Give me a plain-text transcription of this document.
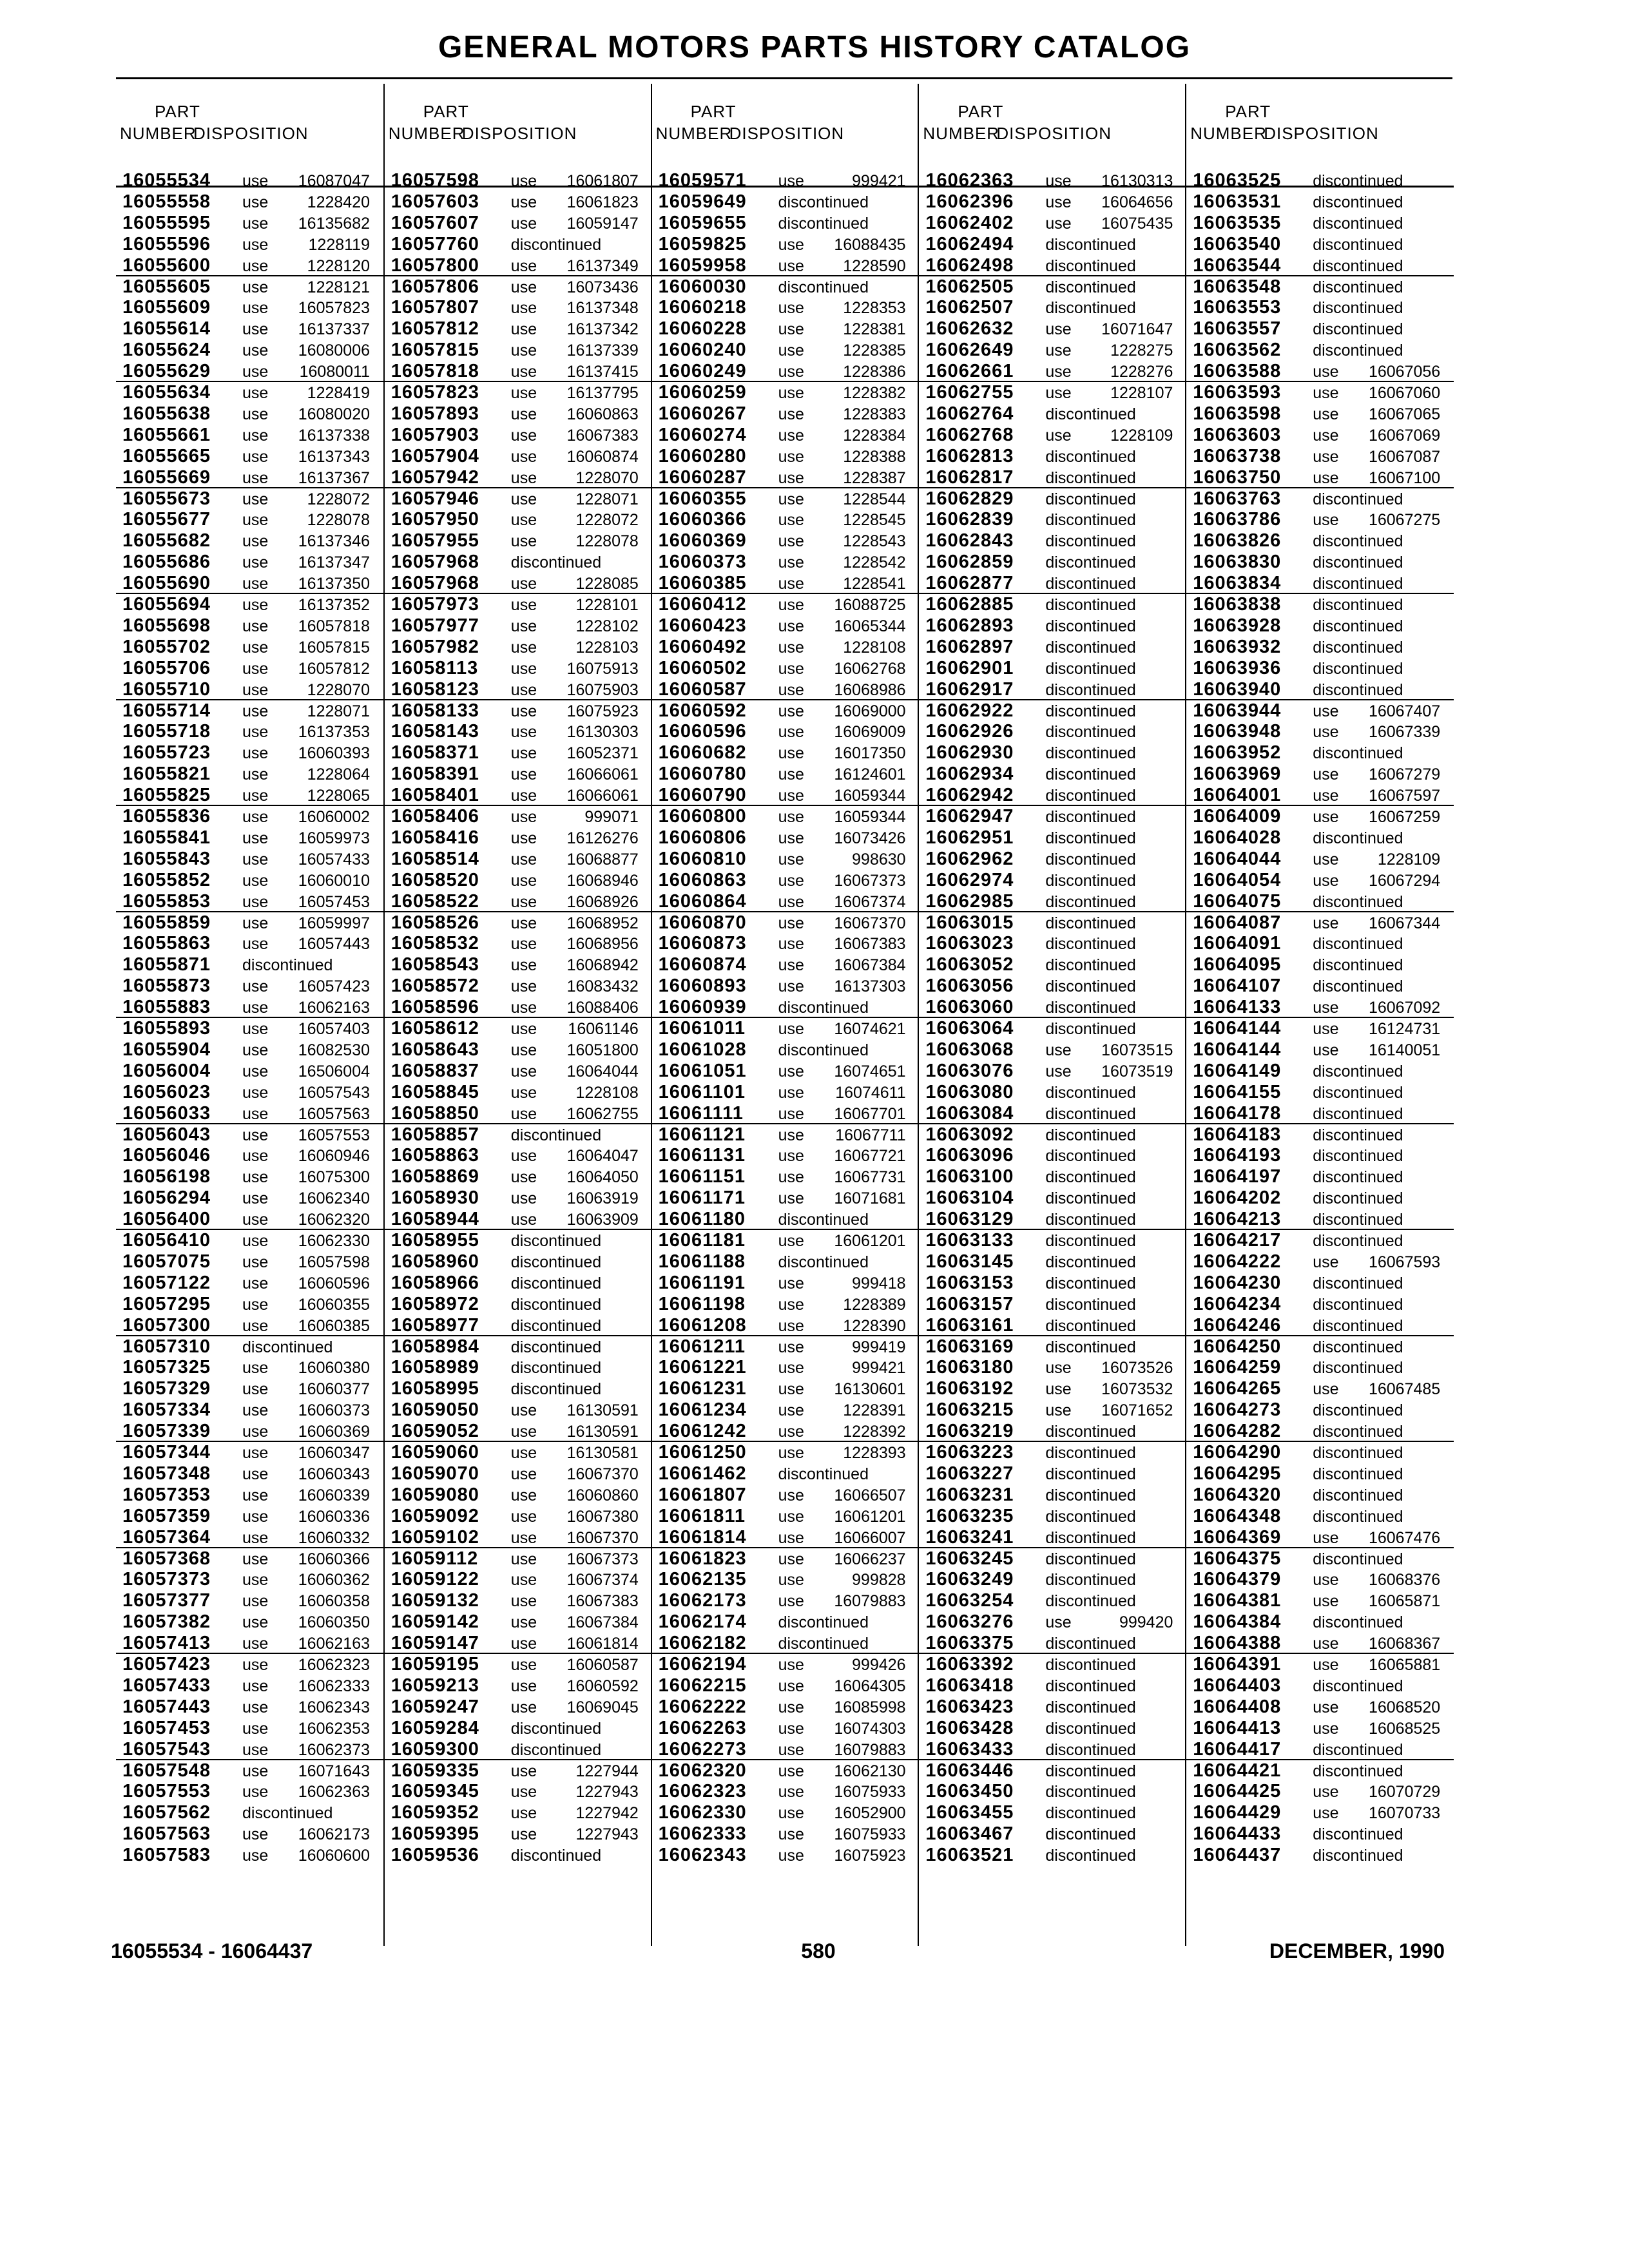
GENERAL MOTORS PARTS HISTORY CATALOG
PART
NUMBER
DISPOSITION
16055534 use 16087047
16055558 use 1228420
16055595 use 16135682
16055596 use 1228119
16055600 use 1228120
16055605 use 1228121
16055609 use 16057823
16055614 use 16137337
16055624 use 16080006
16055629 use 16080011
16055634 use 1228419
16055638 use 16080020
16055661 use 16137338
16055665 use 16137343
16055669 use 16137367
16055673 use 1228072
16055677 use 1228078
16055682 use 16137346
16055686 use 16137347
16055690 use 16137350
16055694 use 16137352
16055698 use 16057818
16055702 use 16057815
16055706 use 16057812
16055710 use 1228070
16055714 use 1228071
16055718 use 16137353
16055723 use 16060393
16055821 use 1228064
16055825 use 1228065
16055836 use 16060002
16055841 use 16059973
16055843 use 16057433
16055852 use 16060010
16055853 use 16057453
16055859 use 16059997
16055863 use 16057443
16055871 discontinued
16055873 use 16057423
16055883 use 16062163
16055893 use 16057403
16055904 use 16082530
16056004 use 16506004
16056023 use 16057543
16056033 use 16057563
16056043 use 16057553
16056046 use 16060946
16056198 use 16075300
16056294 use 16062340
16056400 use 16062320
16056410 use 16062330
16057075 use 16057598
16057122 use 16060596
16057295 use 16060355
16057300 use 16060385
16057310 discontinued
16057325 use 16060380
16057329 use 16060377
16057334 use 16060373
16057339 use 16060369
16057344 use 16060347
16057348 use 16060343
16057353 use 16060339
16057359 use 16060336
16057364 use 16060332
16057368 use 16060366
16057373 use 16060362
16057377 use 16060358
16057382 use 16060350
16057413 use 16062163
16057423 use 16062323
16057433 use 16062333
16057443 use 16062343
16057453 use 16062353
16057543 use 16062373
16057548 use 16071643
16057553 use 16062363
16057562 discontinued
16057563 use 16062173
16057583 use 16060600
PART
NUMBER
DISPOSITION
16057598 use 16061807
16057603 use 16061823
16057607 use 16059147
16057760 discontinued
16057800 use 16137349
16057806 use 16073436
16057807 use 16137348
16057812 use 16137342
16057815 use 16137339
16057818 use 16137415
16057823 use 16137795
16057893 use 16060863
16057903 use 16067383
16057904 use 16060874
16057942 use 1228070
16057946 use 1228071
16057950 use 1228072
16057955 use 1228078
16057968 discontinued
16057968 use 1228085
16057973 use 1228101
16057977 use 1228102
16057982 use 1228103
16058113 use 16075913
16058123 use 16075903
16058133 use 16075923
16058143 use 16130303
16058371 use 16052371
16058391 use 16066061
16058401 use 16066061
16058406 use	999071
16058416 use 16126276
16058514 use 16068877
16058520 use 16068946
16058522 use 16068926
16058526 use 16068952
16058532 use 16068956
16058543 use 16068942
16058572 use 16083432
16058596 use 16088406
16058612 use 16061146
16058643 use 16051800
16058837 use 16064044
16058845 use 1228108
16058850 use 16062755
16058857 discontinued
16058863 use 16064047
16058869 use 16064050
16058930 use 16063919
16058944 use 16063909
16058955 discontinued
16058960 discontinued
16058966 discontinued
16058972 discontinued
16058977 discontinued
16058984 discontinued
16058989 discontinued
16058995 discontinued
16059050 use 16130591
16059052 use 16130591
16059060 use 16130581
16059070 use 16067370
16059080 use 16060860
16059092 use 16067380
16059102 use 16067370
16059112 use 16067373
16059122 use 16067374
16059132 use 16067383
16059142 use 16067384
16059147 use 16061814
16059195 use 16060587
16059213 use 16060592
16059247 use 16069045
16059284 discontinued
16059300 discontinued
16059335 use 1227944
16059345 use 1227943
16059352 use 1227942
16059395 use 1227943
16059536 discontinued
PART
NUMBER
DISPOSITION
16059571 use	999421
16059649 discontinued
16059655 discontinued
16059825 use 16088435
16059958 use 1228590
16060030 discontinued
16060218 use 1228353
16060228 use 1228381
16060240 use 1228385
16060249 use 1228386
16060259 use 1228382
16060267 use 1228383
16060274 use 1228384
16060280 use 1228388
16060287 use 1228387
16060355 use 1228544
16060366 use 1228545
16060369 use 1228543
16060373 use 1228542
16060385 use 1228541
16060412 use 16088725
16060423 use 16065344
16060492 use 1228108
16060502 use 16062768
16060587 use 16068986
16060592 use 16069000
16060596 use 16069009
16060682 use 16017350
16060780 use 16124601
16060790 use 16059344
16060800 use 16059344
16060806 use 16073426
16060810 use	998630
16060863 use 16067373
16060864 use 16067374
16060870 use 16067370
16060873 use 16067383
16060874 use 16067384
16060893 use 16137303
16060939 discontinued
16061011 use 16074621
16061028 discontinued
16061051 use 16074651
16061101 use 16074611
16061111 use 16067701
16061121 use 16067711
16061131 use 16067721
16061151 use 16067731
16061171 use 16071681
16061180 discontinued
16061181 use 16061201
16061188 discontinued
16061191 use	999418
16061198 use 1228389
16061208 use 1228390
16061211 use	999419
16061221 use	999421
16061231 use 16130601
16061234 use 1228391
16061242 use 1228392
16061250 use 1228393
16061462 discontinued
16061807 use 16066507
16061811 use 16061201
16061814 use 16066007
16061823 use 16066237
16062135 use	999828
16062173 use 16079883
16062174 discontinued
16062182 discontinued
16062194 use	999426
16062215 use 16064305
16062222 use 16085998
16062263 use 16074303
16062273 use 16079883
16062320 use 16062130
16062323 use 16075933
16062330 use 16052900
16062333 use 16075933
16062343 use 16075923
PART
NUMBER
DISPOSITION
16062363 use 16130313
16062396 use 16064656
16062402 use 16075435
16062494 discontinued
16062498 discontinued
16062505 discontinued
16062507 discontinued
16062632 use 16071647
16062649 use 1228275
16062661 use 1228276
16062755 use 1228107
16062764 discontinued
16062768 use 1228109
16062813 discontinued
16062817 discontinued
16062829 discontinued
16062839 discontinued
16062843 discontinued
16062859 discontinued
16062877 discontinued
16062885 discontinued
16062893 discontinued
16062897 discontinued
16062901 discontinued
16062917 discontinued
16062922 discontinued
16062926 discontinued
16062930 discontinued
16062934 discontinued
16062942 discontinued
16062947 discontinued
16062951 discontinued
16062962 discontinued
16062974 discontinued
16062985 discontinued
16063015 discontinued
16063023 discontinued
16063052 discontinued
16063056 discontinued
16063060 discontinued
16063064 discontinued
16063068 use 16073515
16063076 use 16073519
16063080 discontinued
16063084 discontinued
16063092 discontinued
16063096 discontinued
16063100 discontinued
16063104 discontinued
16063129 discontinued
16063133 discontinued
16063145 discontinued
16063153 discontinued
16063157 discontinued
16063161 discontinued
16063169 discontinued
16063180 use 16073526
16063192 use 16073532
16063215 use 16071652
16063219 discontinued
16063223 discontinued
16063227 discontinued
16063231 discontinued
16063235 discontinued
16063241 discontinued
16063245 discontinued
16063249 discontinued
16063254 discontinued
16063276 use	999420
16063375 discontinued
16063392 discontinued
16063418 discontinued
16063423 discontinued
16063428 discontinued
16063433 discontinued
16063446 discontinued
16063450 discontinued
16063455 discontinued
16063467 discontinued
16063521 discontinued
PART
NUMBER
DISPOSITION
16063525 discontinued
16063531 discontinued
16063535 discontinued
16063540 discontinued
16063544 discontinued
16063548 discontinued
16063553 discontinued
16063557 discontinued
16063562 discontinued
16063588 use 16067056
16063593 use 16067060
16063598 use 16067065
16063603 use 16067069
16063738 use 16067087
16063750 use 16067100
16063763 discontinued
16063786 use 16067275
16063826 discontinued
16063830 discontinued
16063834 discontinued
16063838 discontinued
16063928 discontinued
16063932 discontinued
16063936 discontinued
16063940 discontinued
16063944 use 16067407
16063948 use 16067339
16063952 discontinued
16063969 use 16067279
16064001 use 16067597
16064009 use 16067259
16064028 discontinued
16064044 use 1228109
16064054 use 16067294
16064075 discontinued
16064087 use 16067344
16064091 discontinued
16064095 discontinued
16064107 discontinued
16064133 use 16067092
16064144 use 16124731
16064144 use 16140051
16064149 discontinued
16064155 discontinued
16064178 discontinued
16064183 discontinued
16064193 discontinued
16064197 discontinued
16064202 discontinued
16064213 discontinued
16064217 discontinued
16064222 use 16067593
16064230 discontinued
16064234 discontinued
16064246 discontinued
16064250 discontinued
16064259 discontinued
16064265 use 16067485
16064273 discontinued
16064282 discontinued
16064290 discontinued
16064295 discontinued
16064320 discontinued
16064348 discontinued
16064369 use 16067476
16064375 discontinued
16064379 use 16068376
16064381 use 16065871
16064384 discontinued
16064388 use 16068367
16064391 use 16065881
16064403 discontinued
16064408 use 16068520
16064413 use 16068525
16064417 discontinued
16064421 discontinued
16064425 use 16070729
16064429 use 16070733
16064433 discontinued
16064437 discontinued
16055534 - 16064437	580	DECEMBER, 1990
